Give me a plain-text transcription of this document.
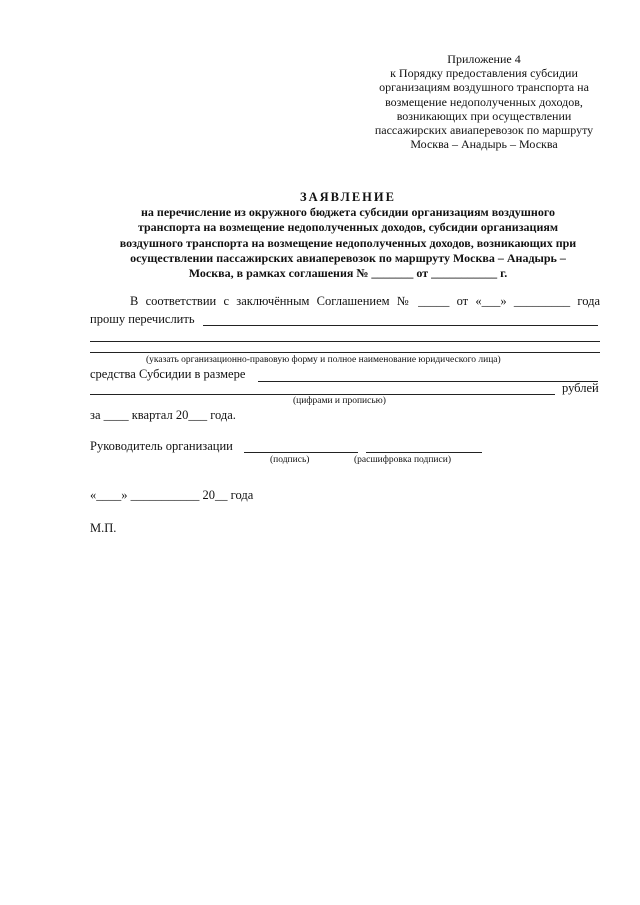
Приложение 4
к Порядку предоставления субсидии
организациям воздушного транспорта на
возмещение недополученных доходов,
возникающих при осуществлении
пассажирских авиаперевозок по маршруту
Москва – Анадырь – Москва
ЗАЯВЛЕНИЕ
на перечисление из окружного бюджета субсидии организациям воздушного
транспорта на возмещение недополученных доходов, субсидии организациям
воздушного транспорта на возмещение недополученных доходов, возникающих при
осуществлении пассажирских авиаперевозок по маршруту Москва – Анадырь –
Москва, в рамках соглашения № _______ от ___________ г.
В соответствии с заключённым Соглашением № _____ от «___» _________ года
прошу перечислить
(указать организационно-правовую форму и полное наименование юридического лица)
средства Субсидии в размере
рублей
(цифрами и прописью)
за ____ квартал 20___ года.
Руководитель организации
(подпись)	(расшифровка подписи)
«____» ___________ 20__ года
М.П.
